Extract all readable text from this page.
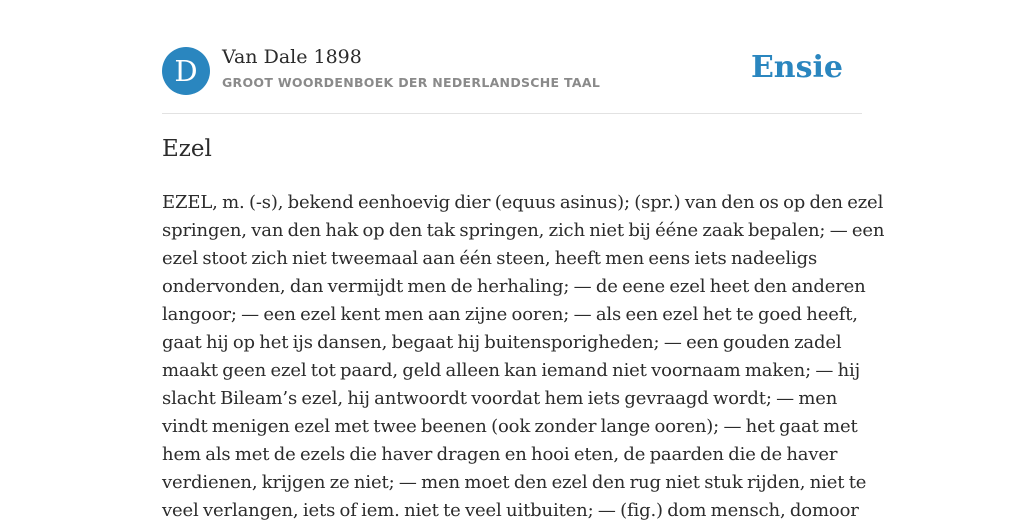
D	Van Dale 1898
GROOT WOORDENBOEK DER NEDERLANDSCHE TAAL	Ensie
Ezel

EZEL, m. (-s), bekend eenhoevig dier (equus asinus); (spr.) van den os op den ezel
springen, van den hak op den tak springen, zich niet bij ééne zaak bepalen; — een
ezel stoot zich niet tweemaal aan één steen, heeft men eens iets nadeeligs
ondervonden, dan vermijdt men de herhaling; — de eene ezel heet den anderen
langoor; — een ezel kent men aan zijne ooren; — als een ezel het te goed heeft,
gaat hij op het ijs dansen, begaat hij buitensporigheden; — een gouden zadel
maakt geen ezel tot paard, geld alleen kan iemand niet voornaam maken; — hij
slacht Bileam’s ezel, hij antwoordt voordat hem iets gevraagd wordt; — men
vindt menigen ezel met twee beenen (ook zonder lange ooren); — het gaat met
hem als met de ezels die haver dragen en hooi eten, de paarden die de haver
verdienen, krijgen ze niet; — men moet den ezel den rug niet stuk rijden, niet te
veel verlangen, iets of iem. niet te veel uitbuiten; — (fig.) dom mensch, domoor
